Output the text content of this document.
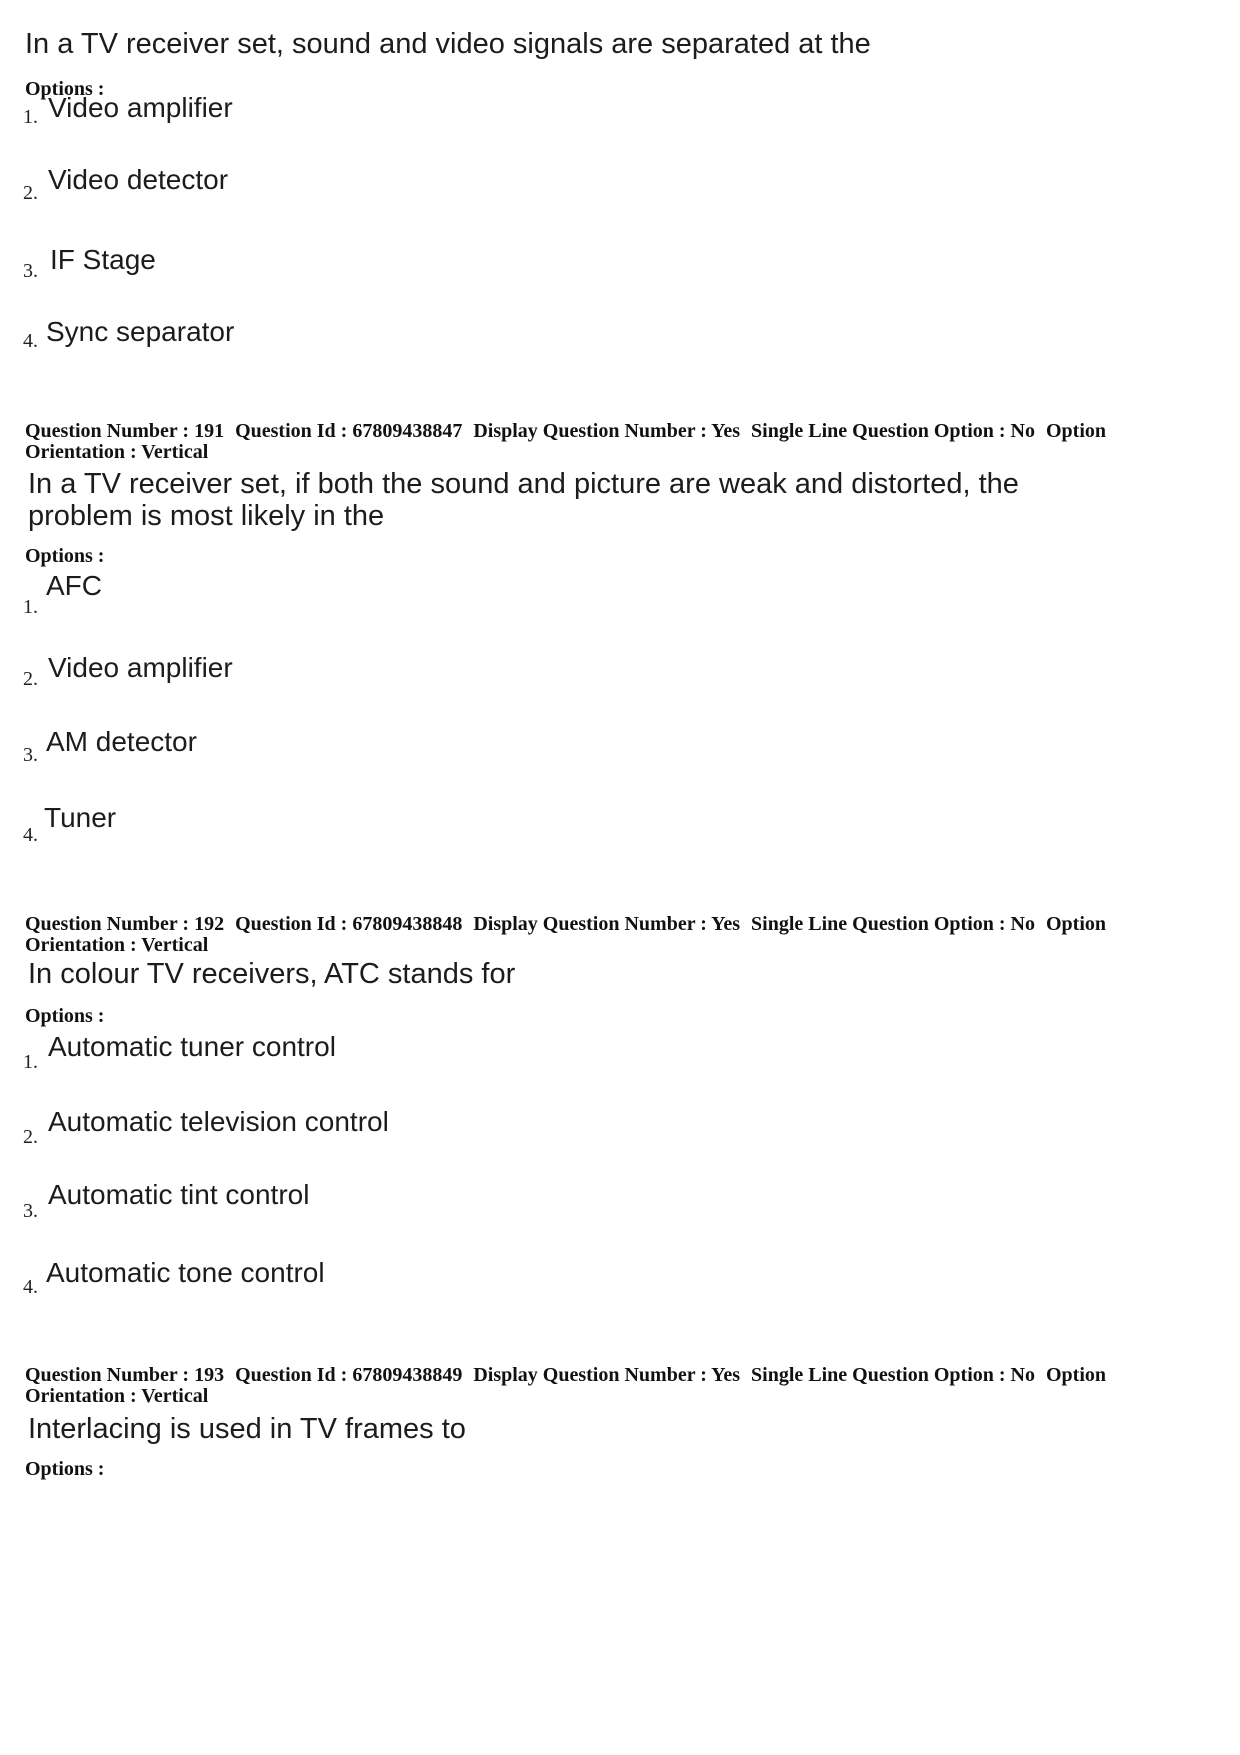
In a TV receiver set, sound and video signals are separated at the
Options :
1. Video amplifier
2. Video detector
3. IF Stage
4. Sync separator
Question Number : 191 Question Id : 67809438847 Display Question Number : Yes Single Line Question Option : No Option Orientation : Vertical
In a TV receiver set, if both the sound and picture are weak and distorted, the
problem is most likely in the
Options :
1.
AFC
2. Video amplifier
3. AM detector
4.
Tuner
Question Number : 192 Question Id : 67809438848 Display Question Number : Yes Single Line Question Option : No Option Orientation : Vertical
In colour TV receivers, ATC stands for
Options :
1. Automatic tuner control
2. Automatic television control
3.
Automatic tint control
4. Automatic tone control
Question Number : 193 Question Id : 67809438849 Display Question Number : Yes Single Line Question Option : No Option Orientation : Vertical
Interlacing is used in TV frames to
Options :
